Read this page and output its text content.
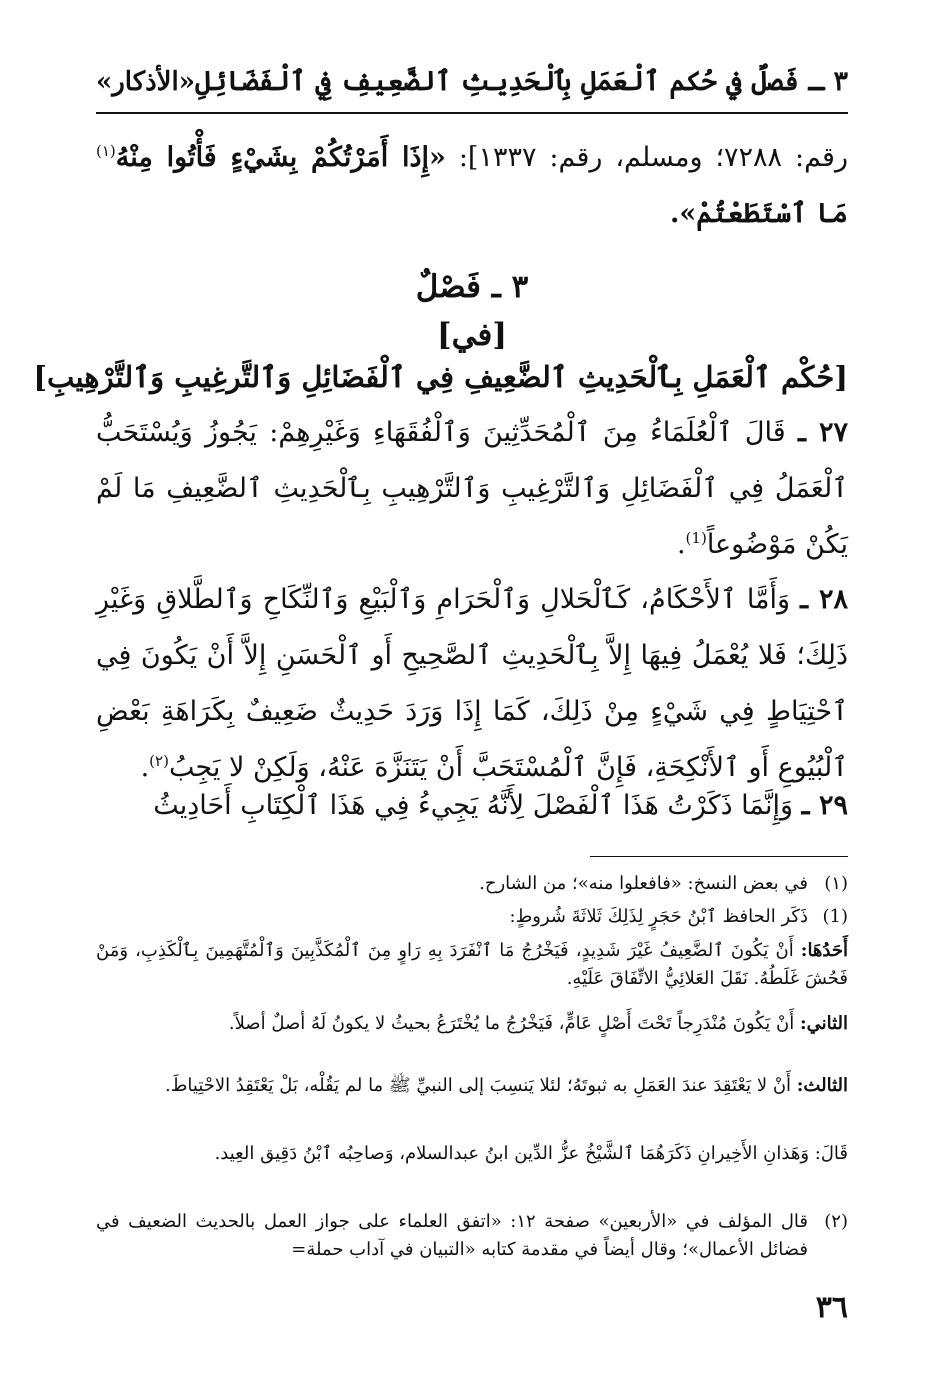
٣ ـ فَصلٌ في حُكم ٱلْعَمَلِ بِٱلْحَدِيثِ ٱلضَّعِيفِ فِي ٱلْفَضَائِلِ
«الأذكار»
رقم: ٧٢٨٨؛ ومسلم، رقم: ١٣٣٧]: «إِذَا أَمَرْتُكُمْ بِشَيْءٍ فَأْتُوا مِنْهُ$^{(١)}$ مَا ٱسْتَطَعْتُمْ».
٣ ـ فَصْلٌ
[في]
[حُكْم ٱلْعَمَلِ بِٱلْحَدِيثِ ٱلضَّعِيفِ فِي ٱلْفَضَائِلِ وَٱلتَّرغِيبِ وَٱلتَّرْهِيبِ]
٢٧ ـ قَالَ ٱلْعُلَمَاءُ مِنَ ٱلْمُحَدِّثِينَ وَٱلْفُقَهَاءِ وَغَيْرِهِمْ: يَجُوزُ وَيُسْتَحَبُّ ٱلْعَمَلُ فِي ٱلْفَضَائِلِ وَٱلتَّرْغِيبِ وَٱلتَّرْهِيبِ بِٱلْحَدِيثِ ٱلضَّعِيفِ مَا لَمْ يَكُنْ مَوْضُوعاً$^{(1)}$.
٢٨ ـ وَأَمَّا ٱلأَحْكَامُ، كَٱلْحَلالِ وَٱلْحَرَامِ وَٱلْبَيْعِ وَٱلنِّكَاحِ وَٱلطَّلاقِ وَغَيْرِ ذَلِكَ؛ فَلا يُعْمَلُ فِيهَا إِلاَّ بِٱلْحَدِيثِ ٱلصَّحِيحِ أَو ٱلْحَسَنِ إِلاَّ أَنْ يَكُونَ فِي ٱحْتِيَاطٍ فِي شَيْءٍ مِنْ ذَلِكَ، كَمَا إِذَا وَرَدَ حَدِيثٌ ضَعِيفٌ بِكَرَاهَةِ بَعْضِ ٱلْبُيُوعِ أَو ٱلأَنْكِحَةِ، فَإِنَّ ٱلْمُسْتَحَبَّ أَنْ يَتَنَزَّهَ عَنْهُ، وَلَكِنْ لا يَجِبُ$^{(٢)}$.
٢٩ ـ وَإِنَّمَا ذَكَرْتُ هَذَا ٱلْفَصْلَ لِأَنَّهُ يَجِيءُ فِي هَذَا ٱلْكِتَابِ أَحَادِيثُ
(١)في بعض النسخ: «فافعلوا منه»؛ من الشارح.
(1)ذَكَر الحافظ ٱبْنُ حَجَرٍ لِذَلِكَ ثَلاثَةَ شُروطٍ:
أَحَدُهَا: أَنْ يَكُونَ ٱلضَّعِيفُ غَيْرَ شَدِيدٍ، فَيَخْرُجُ مَا ٱنْفَرَدَ بِهِ رَاوٍ مِنَ ٱلْمُكَذَّبِينَ وَٱلْمُتَّهَمِينَ بِٱلْكَذِبِ، وَمَنْ فَحُشَ غَلَطُهُ. نَقَلَ العَلائِيُّ الاتِّفَاقَ عَلَيْهِ.
الثاني: أَنْ يَكُونَ مُنْدَرِجاً تَحْتَ أَصْلٍ عَامٍّ، فَيَخْرُجُ ما يُخْتَرَعُ بحيثُ لا يكونُ لَهُ أصلٌ أصلاً.
الثالث: أَنْ لا يَعْتَقِدَ عندَ العَمَلِ به ثبوتَهُ؛ لئلا يَنسِبَ إلى النبيِّ ﷺ ما لم يَقُلْه، بَلْ يَعْتَقِدُ الاحْتِياطَ.
قَالَ: وَهَذانِ الأَخِيرانِ ذَكَرَهُمَا ٱلشَّيْخُ عزُّ الدِّين ابنُ عبدالسلام، وَصاحِبُه ٱبْنُ دَقِيق العِيد.
(٢)قال المؤلف في «الأربعين» صفحة ١٢: «اتفق العلماء على جواز العمل بالحديث الضعيف في فضائل الأعمال»؛ وقال أيضاً في مقدمة كتابه «التبيان في آداب حملة=
٣٦
